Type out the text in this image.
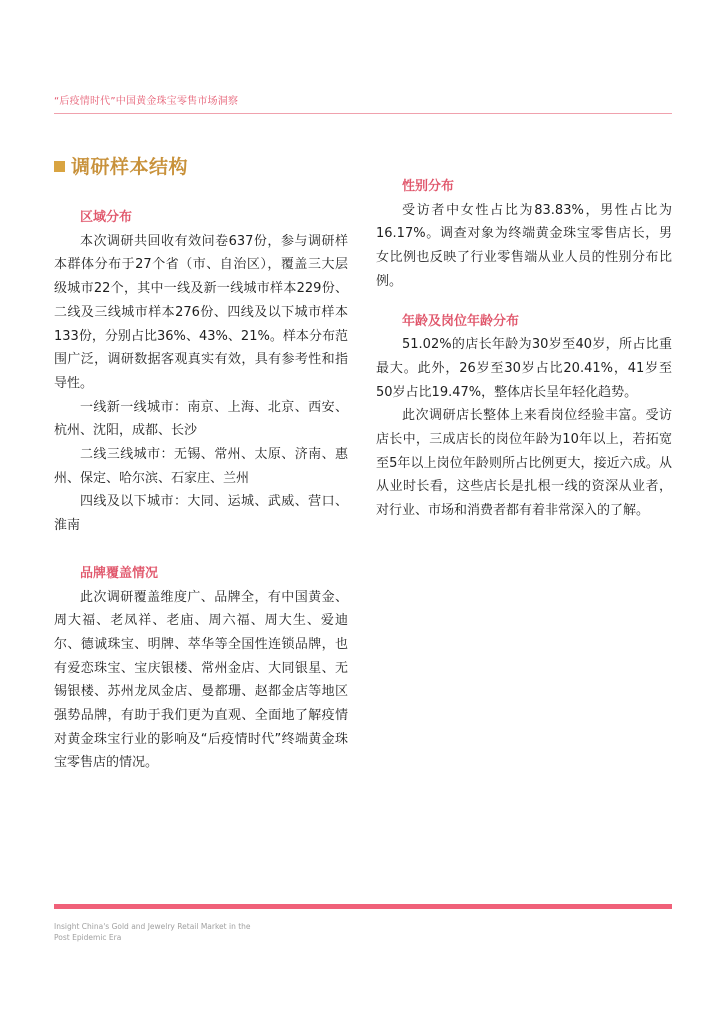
“后疫情时代”中国黄金珠宝零售市场洞察
调研样本结构
区域分布

本次调研共回收有效问卷637份，参与调研样本群体分布于27个省（市、自治区），覆盖三大层级城市22个，其中一线及新一线城市样本229份、二线及三线城市样本276份、四线及以下城市样本133份，分别占比36%、43%、21%。样本分布范围广泛，调研数据客观真实有效，具有参考性和指导性。

一线新一线城市：南京、上海、北京、西安、杭州、沈阳，成都、长沙

二线三线城市：无锡、常州、太原、济南、惠州、保定、哈尔滨、石家庄、兰州

四线及以下城市：大同、运城、武威、营口、淮南

品牌覆盖情况

此次调研覆盖维度广、品牌全，有中国黄金、周大福、老凤祥、老庙、周六福、周大生、爱迪尔、德诚珠宝、明牌、萃华等全国性连锁品牌，也有爱恋珠宝、宝庆银楼、常州金店、大同银星、无锡银楼、苏州龙凤金店、曼都珊、赵都金店等地区强势品牌，有助于我们更为直观、全面地了解疫情对黄金珠宝行业的影响及“后疫情时代”终端黄金珠宝零售店的情况。

性别分布

受访者中女性占比为83.83%，男性占比为16.17%。调查对象为终端黄金珠宝零售店长，男女比例也反映了行业零售端从业人员的性别分布比例。

年龄及岗位年龄分布

51.02%的店长年龄为30岁至40岁，所占比重最大。此外，26岁至30岁占比20.41%，41岁至50岁占比19.47%，整体店长呈年轻化趋势。

此次调研店长整体上来看岗位经验丰富。受访店长中，三成店长的岗位年龄为10年以上，若拓宽至5年以上岗位年龄则所占比例更大，接近六成。从从业时长看，这些店长是扎根一线的资深从业者，对行业、市场和消费者都有着非常深入的了解。

Insight China's Gold and Jewelry Retail Market in the
Post Epidemic Era
